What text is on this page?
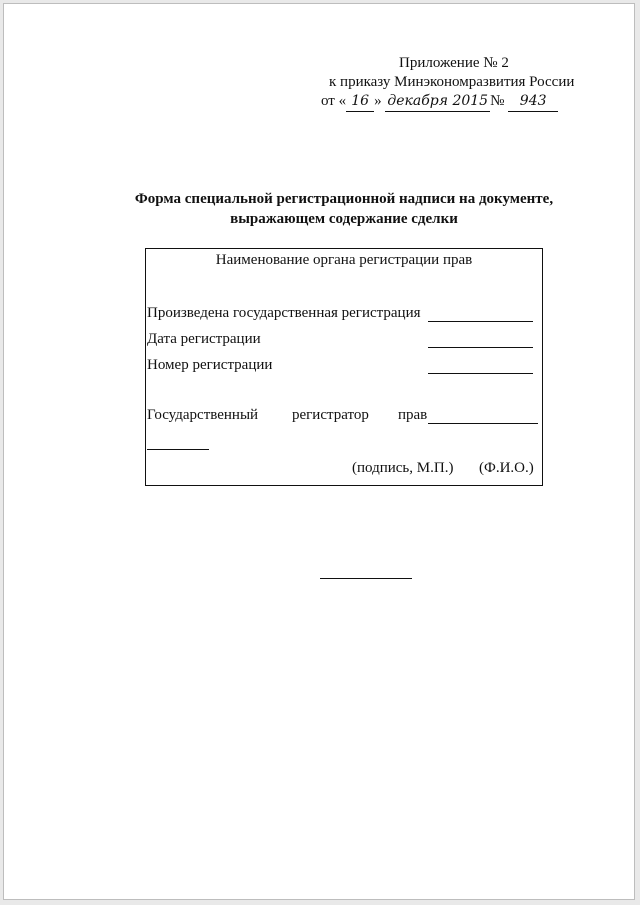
Приложение № 2
к приказу Минэкономразвития России
от « 16 » декабря 2015 № 943
Форма специальной регистрационной надписи на документе,
выражающем содержание сделки
Наименование органа регистрации прав
Произведена государственная регистрация
Дата регистрации
Номер регистрации
Государственный регистратор прав
(подпись, М.П.) (Ф.И.О.)
